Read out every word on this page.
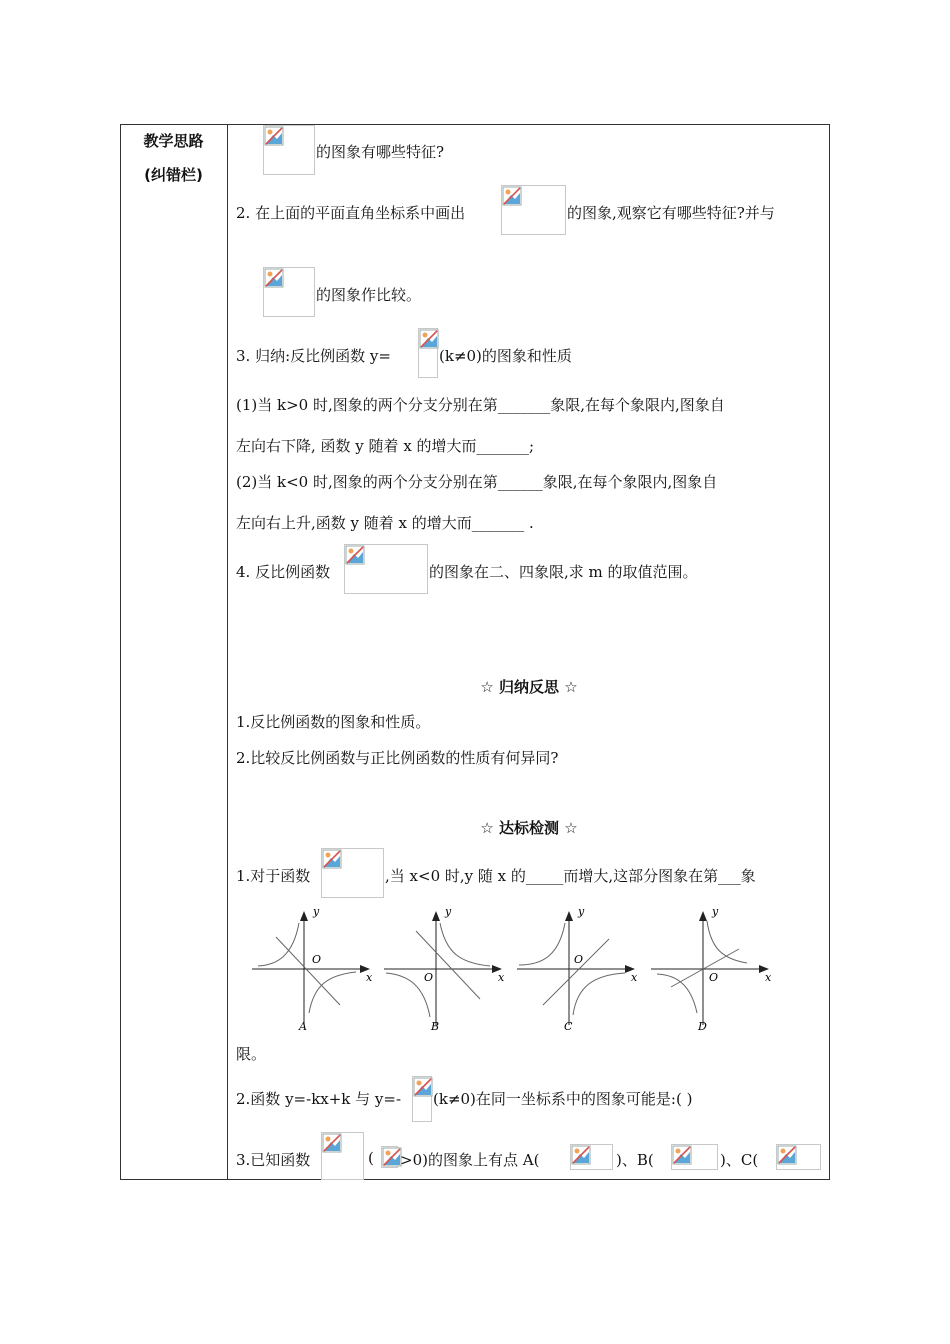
教学思路
(纠错栏)
的图象有哪些特征?
2. 在上面的平面直角坐标系中画出	的图象,观察它有哪些特征?并与
的图象作比较。
3. 归纳:反比例函数 y=	(k≠0)的图象和性质
(1)当 k>0 时,图象的两个分支分别在第_______象限,在每个象限内,图象自
左向右下降, 函数 y 随着 x 的增大而_______;
(2)当 k<0 时,图象的两个分支分别在第______象限,在每个象限内,图象自
左向右上升,函数 y 随着 x 的增大而_______ .
4. 反比例函数	的图象在二、四象限,求 m 的取值范围。
☆ 归纳反思 ☆
1.反比例函数的图象和性质。
2.比较反比例函数与正比例函数的性质有何异同?
☆ 达标检测 ☆
1.对于函数	,当 x<0 时,y 随 x 的_____而增大,这部分图象在第___象
y
O
x
A
y
O	x
B
y
O
x
C
y
O	x
D
限。
2.函数 y=-kx+k 与 y=- (k≠0)在同一坐标系中的图象可能是:( )
3.已知函数	( >0)的图象上有点 A(	)、B(	)、C(
